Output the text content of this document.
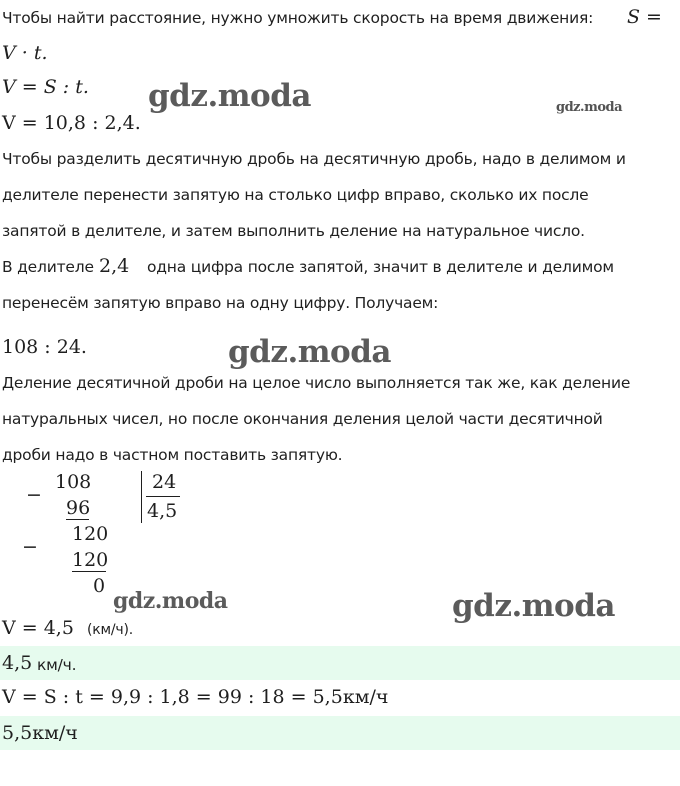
Чтобы найти расстояние, нужно умножить скорость на время движения: S =
V · t.
V = S : t.
V = 10,8 : 2,4.
gdz.moda	gdz.moda
Чтобы разделить десятичную дробь на десятичную дробь, надо в делимом и
делителе перенести запятую на столько цифр вправо, сколько их после
запятой в делителе, и затем выполнить деление на натуральное число.
В делителе 2,4 одна цифра после запятой, значит в делителе и делимом
перенесём запятую вправо на одну цифру. Получаем:
108 : 24.	gdz.moda
Деление десятичной дроби на целое число выполняется так же, как деление
натуральных чисел, но после окончания деления целой части десятичной
дроби надо в частном поставить запятую.
−
108
96
−
120
120
0
24
4,5
gdz.moda	gdz.moda
V = 4,5 (км/ч).
4,5 км/ч.
V = S : t = 9,9 : 1,8 = 99 : 18 = 5,5км/ч
5,5км/ч
